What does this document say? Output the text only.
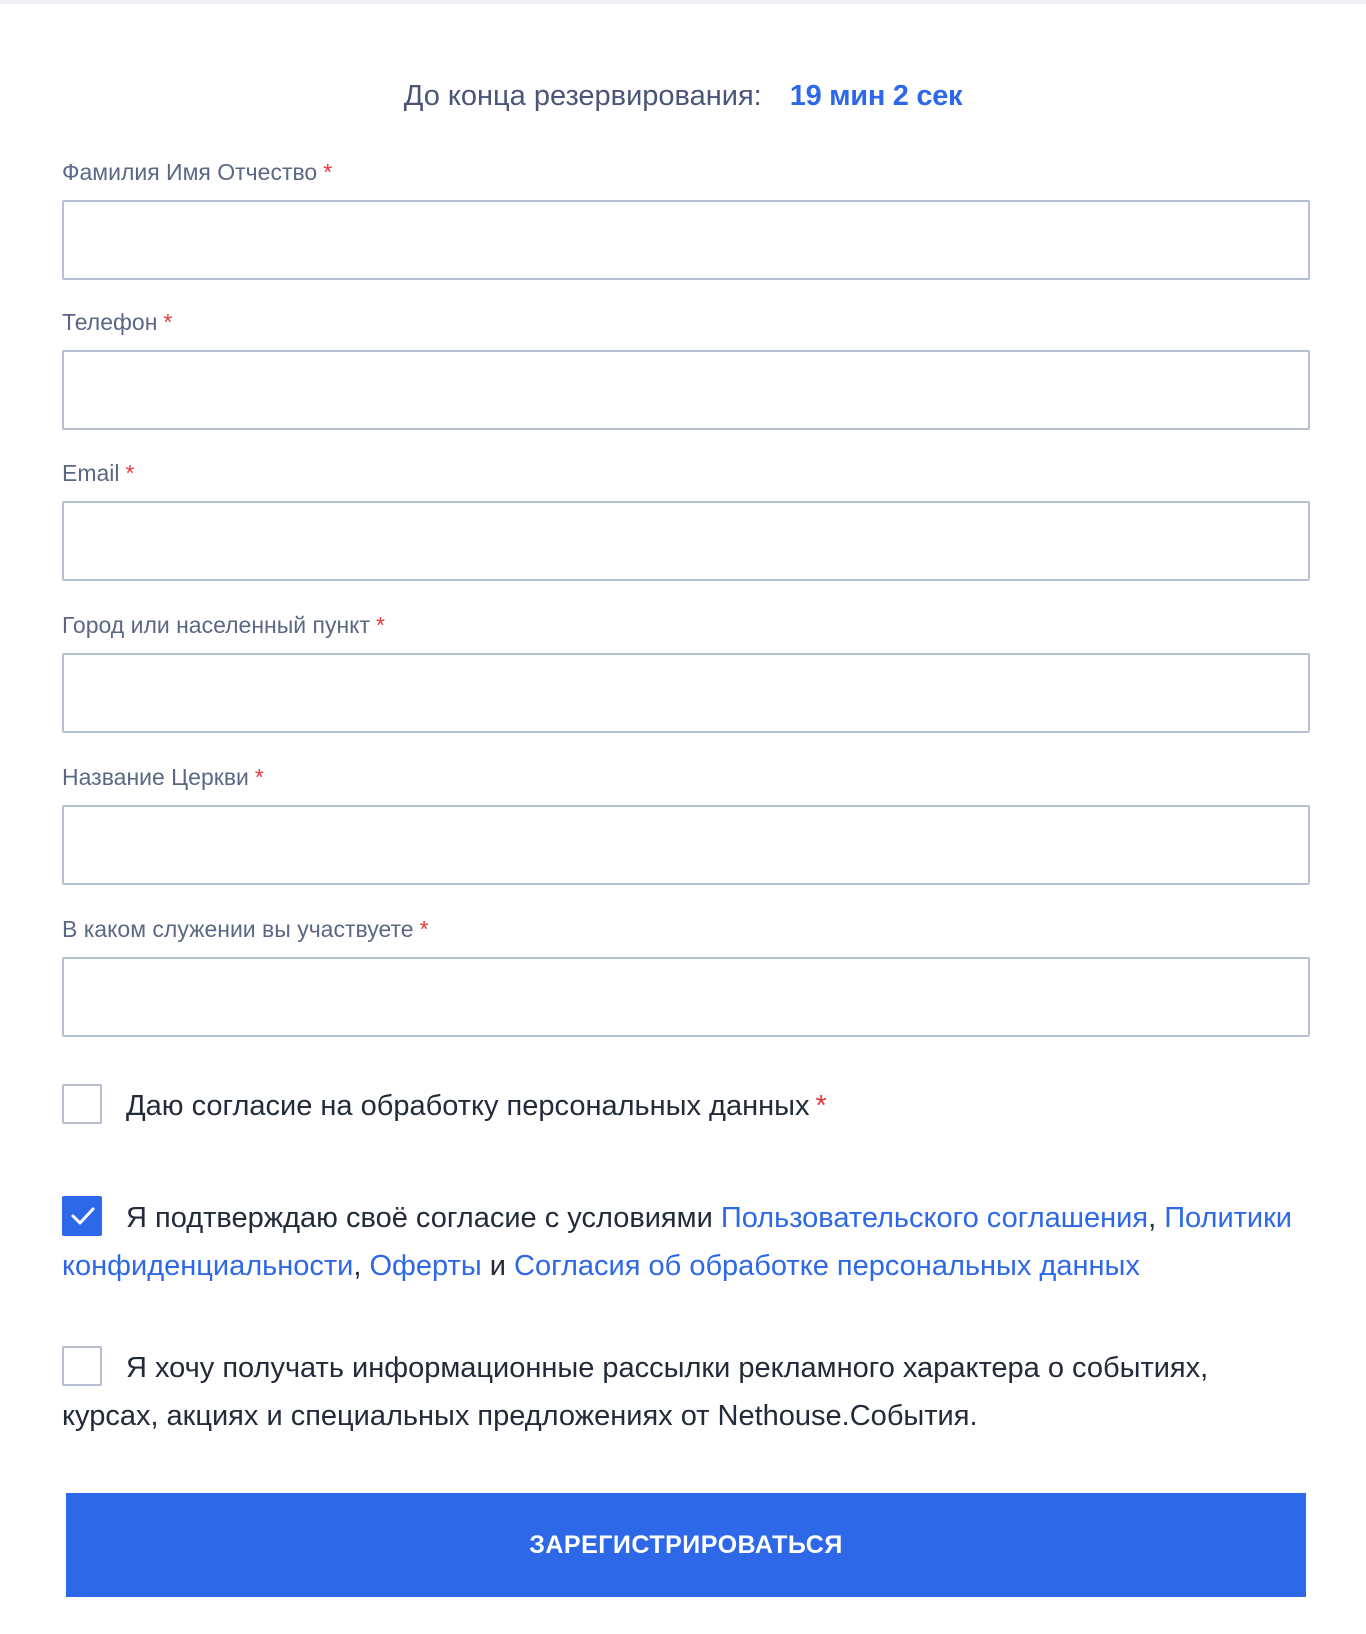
До конца резервирования: 19 мин 2 сек
Фамилия Имя Отчество *
Телефон *
Email *
Город или населенный пункт *
Название Церкви *
В каком служении вы участвуете *
Даю согласие на обработку персональных данных *
Я подтверждаю своё согласие с условиями Пользовательского соглашения, Политики конфиденциальности, Оферты и Согласия об обработке персональных данных
Я хочу получать информационные рассылки рекламного характера о событиях, курсах, акциях и специальных предложениях от Nethouse.События.
ЗАРЕГИСТРИРОВАТЬСЯ
